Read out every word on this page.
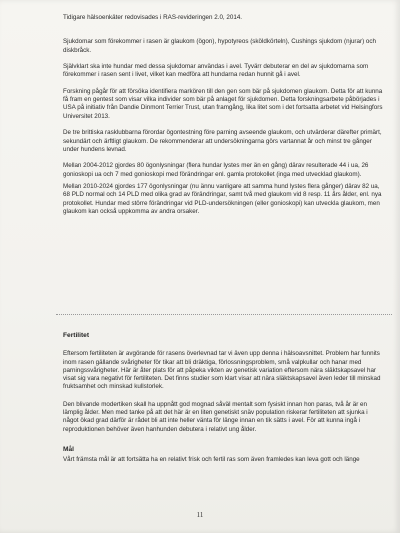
Tidigare hälsoenkäter redovisades i RAS-revideringen 2.0, 2014.

Sjukdomar som förekommer i rasen är glaukom (ögon), hypotyreos (sköldkörteln), Cushings sjukdom (njurar) och diskbråck.

Självklart ska inte hundar med dessa sjukdomar användas i avel. Tyvärr debuterar en del av sjukdomarna som förekommer i rasen sent i livet, vilket kan medföra att hundarna redan hunnit gå i avel.

Forskning pågår för att försöka identifiera markören till den gen som bär på sjukdomen glaukom. Detta för att kunna få fram en gentest som visar vilka individer som bär på anlaget för sjukdomen. Detta forskningsarbete påbörjades i USA på initiativ från Dandie Dinmont Terrier Trust, utan framgång, lika litet som i det fortsatta arbetet vid Helsingfors Universitet 2013.

De tre brittiska rasklubbarna förordar ögontestning före parning avseende glaukom, och utvärderar därefter primärt, sekundärt och ärftligt glaukom. De rekommenderar att undersökningarna görs vartannat år och minst tre gånger under hundens levnad.

Mellan 2004-2012 gjordes 80 ögonlysningar (flera hundar lystes mer än en gång) därav resulterade 44 i ua, 26 gonioskopi ua och 7 med gonioskopi med förändringar enl. gamla protokollet (inga med utvecklad glaukom).

Mellan 2010-2024 gjordes 177 ögonlysningar (nu ännu vanligare att samma hund lystes flera gånger) därav 82 ua, 68 PLD normal och 14 PLD med olika grad av förändringar, samt två med glaukom vid 8 resp. 11 års ålder, enl. nya protokollet. Hundar med större förändringar vid PLD-undersökningen (eller gonioskopi) kan utveckla glaukom, men glaukom kan också uppkomma av andra orsaker.

Fertilitet

Eftersom fertiliteten är avgörande för rasens överlevnad tar vi även upp denna i hälsoavsnittet. Problem har funnits inom rasen gällande svårigheter för tikar att bli dräktiga, förlossningsproblem, små valpkullar och hanar med parningssvårigheter. Här är åter plats för att påpeka vikten av genetisk variation eftersom nära släktskapsavel har visat sig vara negativt för fertiliteten. Det finns studier som klart visar att nära släktskapsavel även leder till minskad fruktsamhet och minskad kullstorlek.

Den blivande modertiken skall ha uppnått god mognad såväl mentalt som fysiskt innan hon paras, två år är en lämplig ålder. Men med tanke på att det här är en liten genetiskt snäv population riskerar fertiliteten att sjunka i något ökad grad därför är rådet bli att inte heller vänta för länge innan en tik sätts i avel. För att kunna ingå i reproduktionen behöver även hanhunden debutera i relativt ung ålder.

Mål

Vårt främsta mål är att fortsätta ha en relativt frisk och fertil ras som även framledes kan leva gott och länge

11
